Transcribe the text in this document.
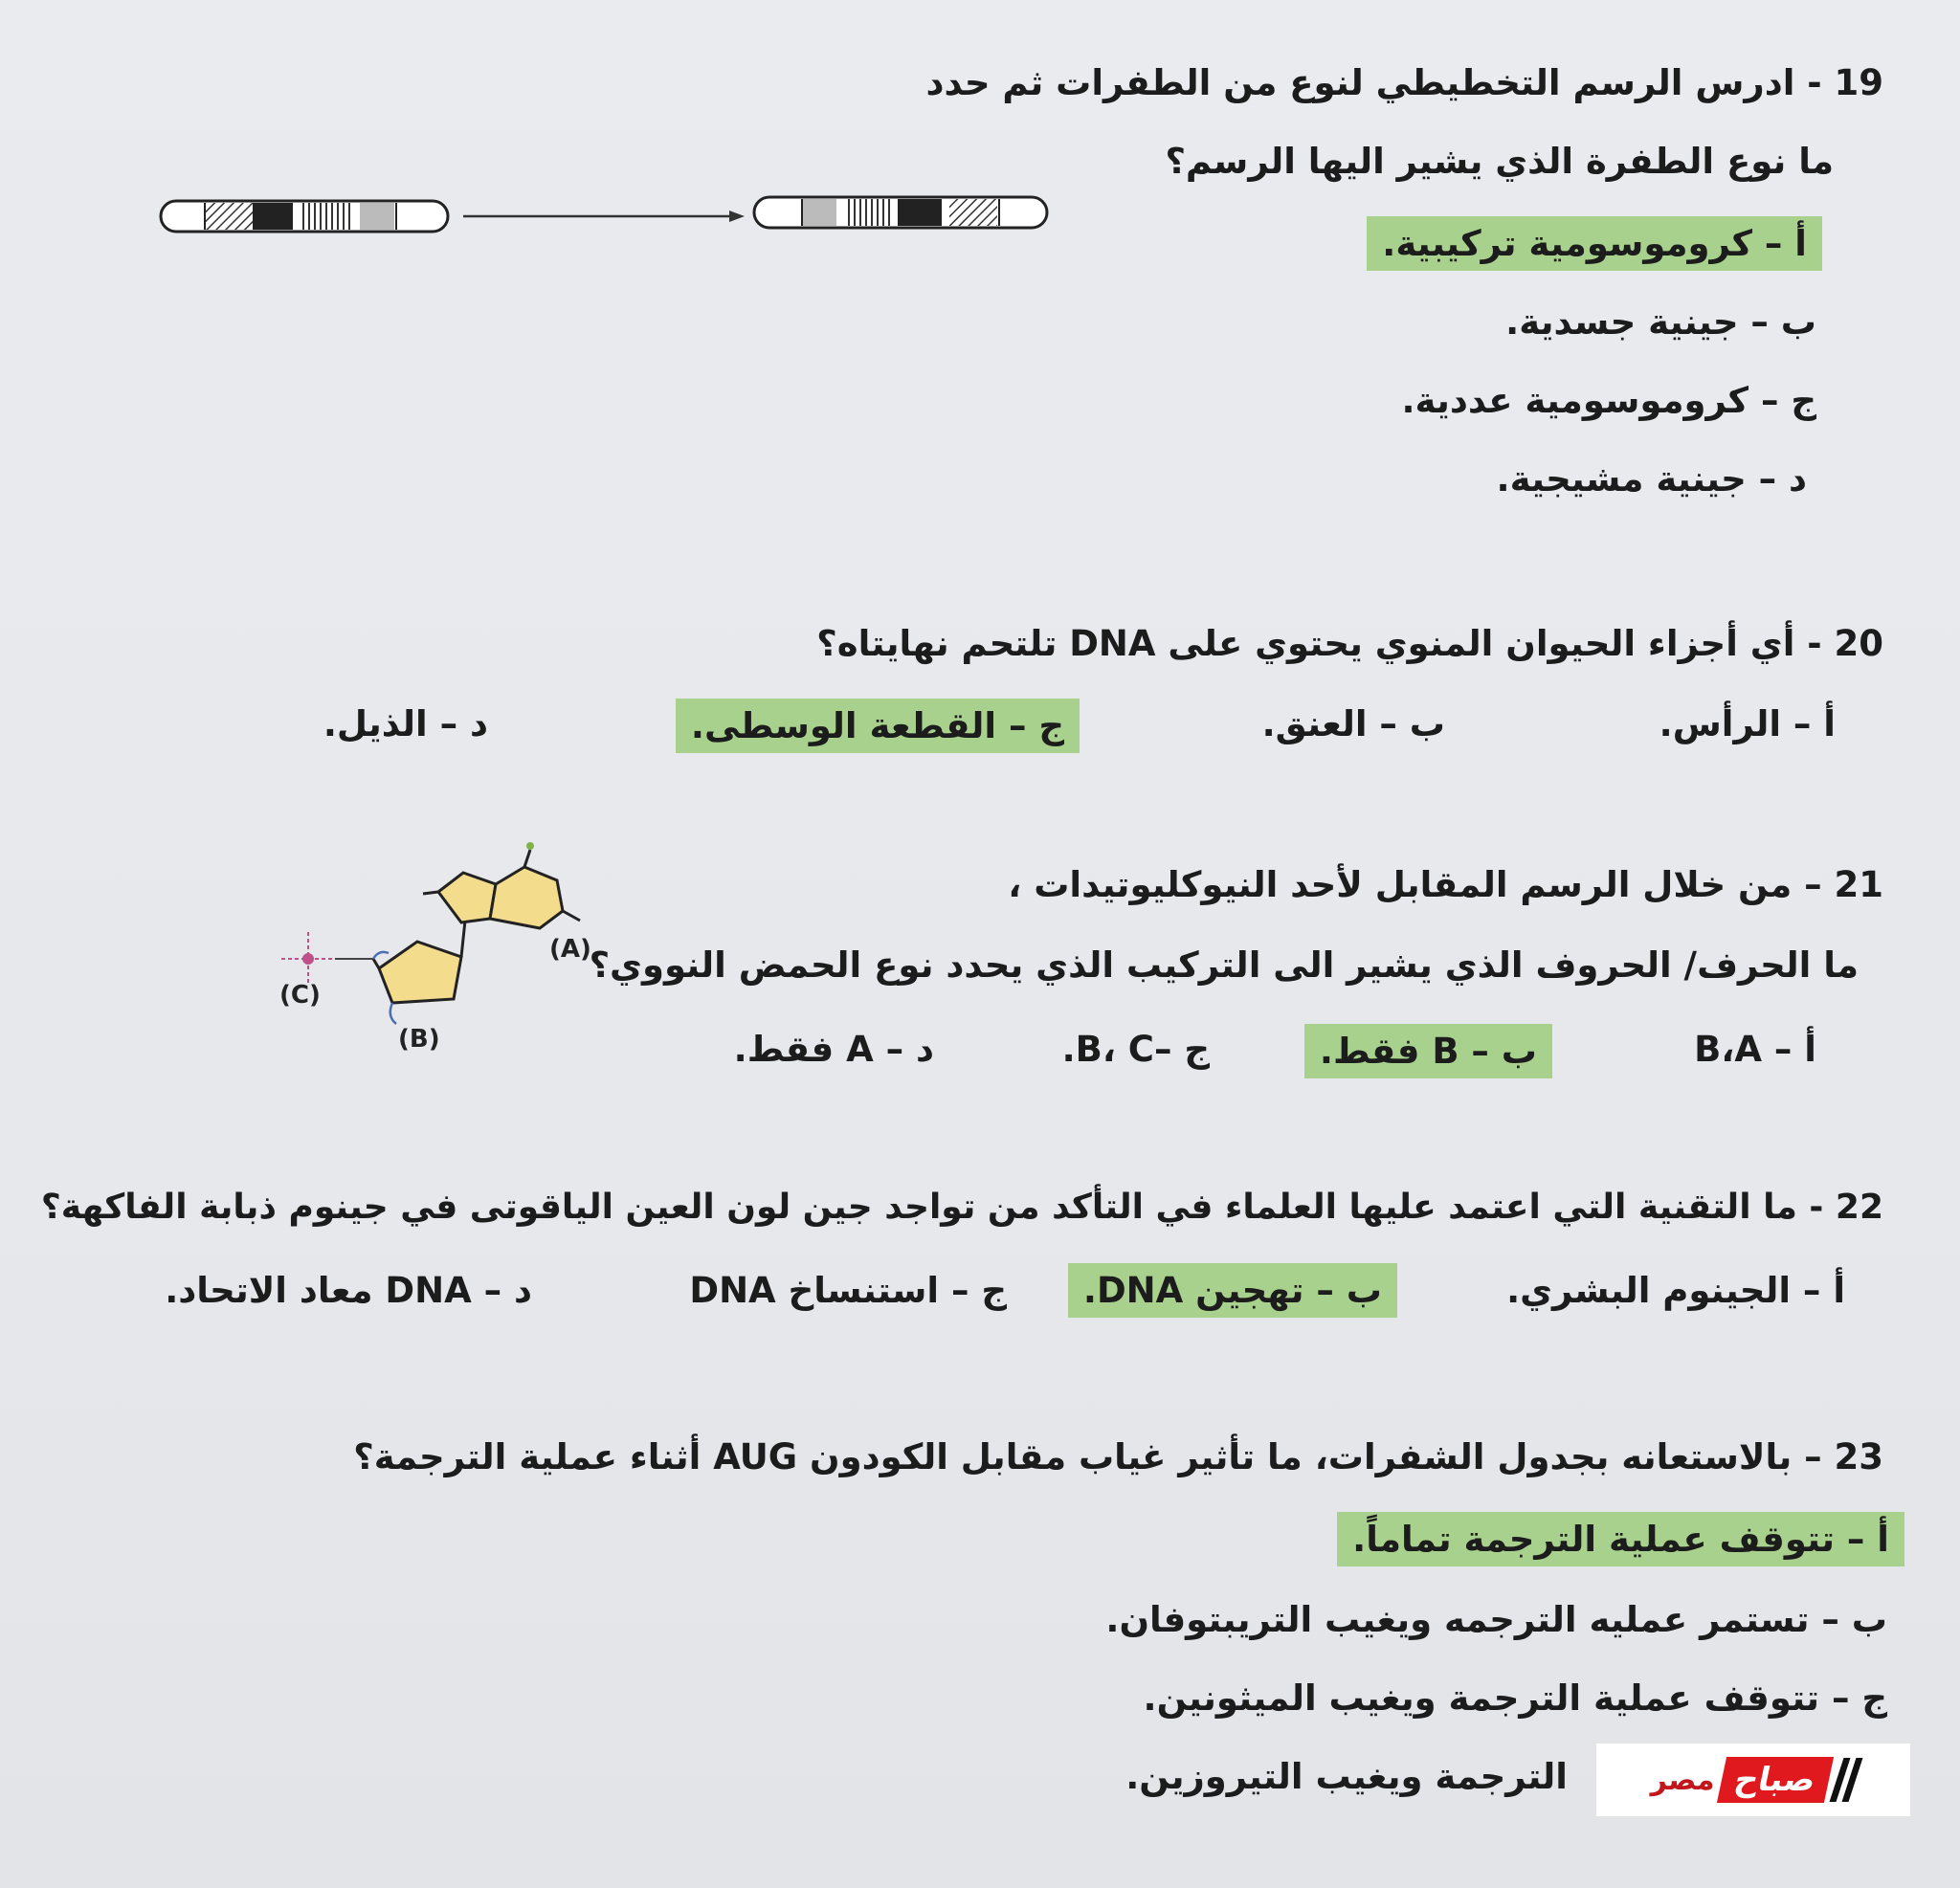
19 - ادرس الرسم التخطيطي لنوع من الطفرات ثم حدد
ما نوع الطفرة الذي يشير اليها الرسم؟
أ – كروموسومية تركيبية.
ب – جينية جسدية.
ج – كروموسومية عددية.
د – جينية مشيجية.
20 - أي أجزاء الحيوان المنوي يحتوي على DNA تلتحم نهايتاه؟
أ – الرأس.
ب – العنق.
ج – القطعة الوسطى.
د – الذيل.
21 – من خلال الرسم المقابل لأحد النيوكليوتيدات ،
ما الحرف/ الحروف الذي يشير الى التركيب الذي يحدد نوع الحمض النووي؟
(A)
(B)
(C)
أ – B،A
ب – B فقط.
ج –B، C.
د – A فقط.
22 - ما التقنية التي اعتمد عليها العلماء في التأكد من تواجد جين لون العين الياقوتى في جينوم ذبابة الفاكهة؟
أ – الجينوم البشري.
ب – تهجين DNA.
ج – استنساخ DNA
د – DNA معاد الاتحاد.
23 – بالاستعانه بجدول الشفرات، ما تأثير غياب مقابل الكودون AUG أثناء عملية الترجمة؟
أ – تتوقف عملية الترجمة تماماً.
ب – تستمر عمليه الترجمه ويغيب التريبتوفان.
ج – تتوقف عملية الترجمة ويغيب الميثونين.
الترجمة ويغيب التيروزين.	صباح
مصر
